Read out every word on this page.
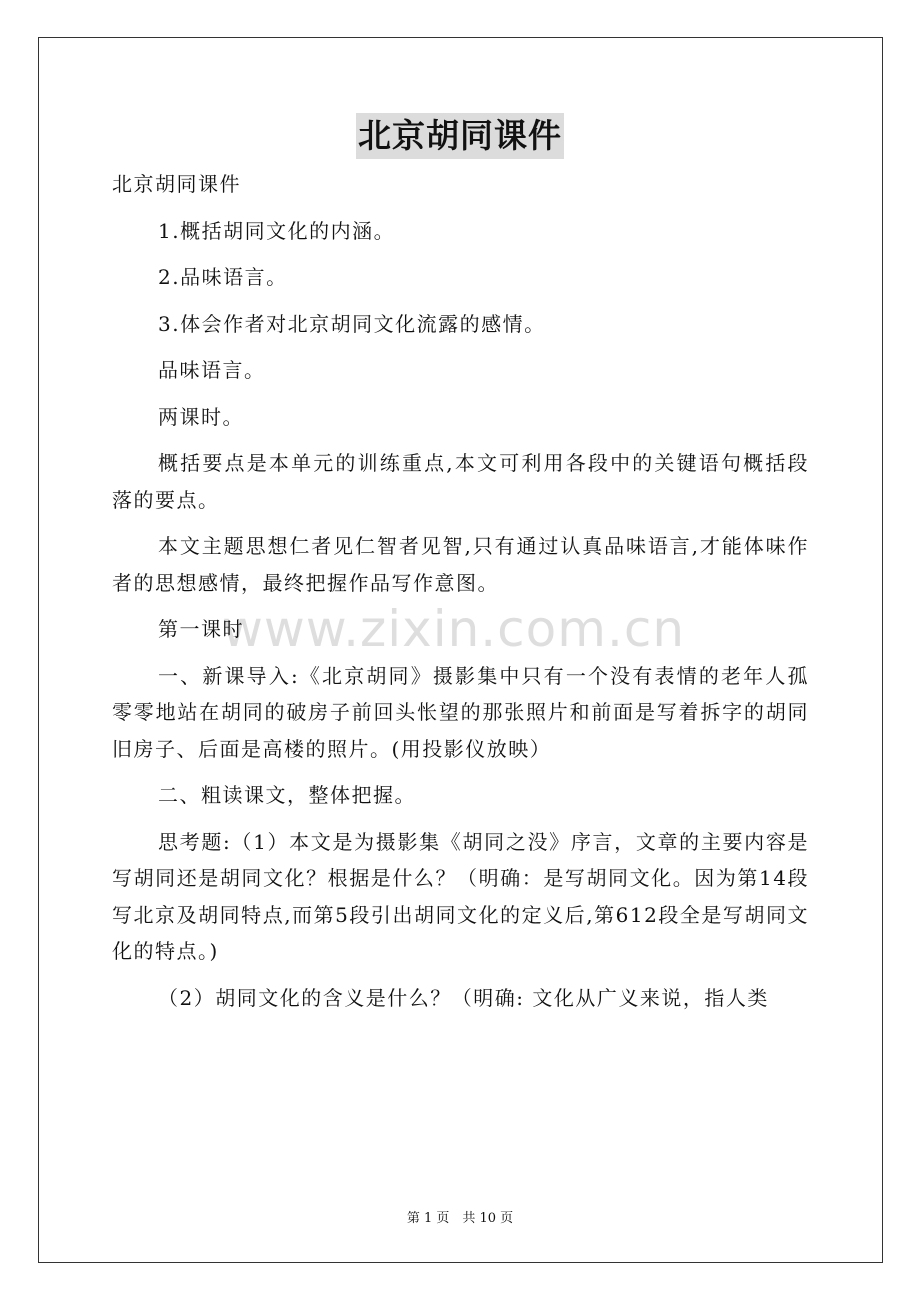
www.zixin.com.cn
北京胡同课件

北京胡同课件

1.概括胡同文化的内涵。

2.品味语言。

3.体会作者对北京胡同文化流露的感情。

品味语言。

两课时。

概括要点是本单元的训练重点,本文可利用各段中的关键语句概括段落的要点。

本文主题思想仁者见仁智者见智,只有通过认真品味语言,才能体味作者的思想感情，最终把握作品写作意图。

第一课时

一、新课导入:《北京胡同》摄影集中只有一个没有表情的老年人孤零零地站在胡同的破房子前回头怅望的那张照片和前面是写着拆字的胡同旧房子、后面是高楼的照片。(用投影仪放映）

二、粗读课文，整体把握。

思考题:（1）本文是为摄影集《胡同之没》序言，文章的主要内容是写胡同还是胡同文化？根据是什么？（明确：是写胡同文化。因为第14段写北京及胡同特点,而第5段引出胡同文化的定义后,第612段全是写胡同文化的特点。)

（2）胡同文化的含义是什么？（明确: 文化从广义来说，指人类

第 1 页　共 10 页
